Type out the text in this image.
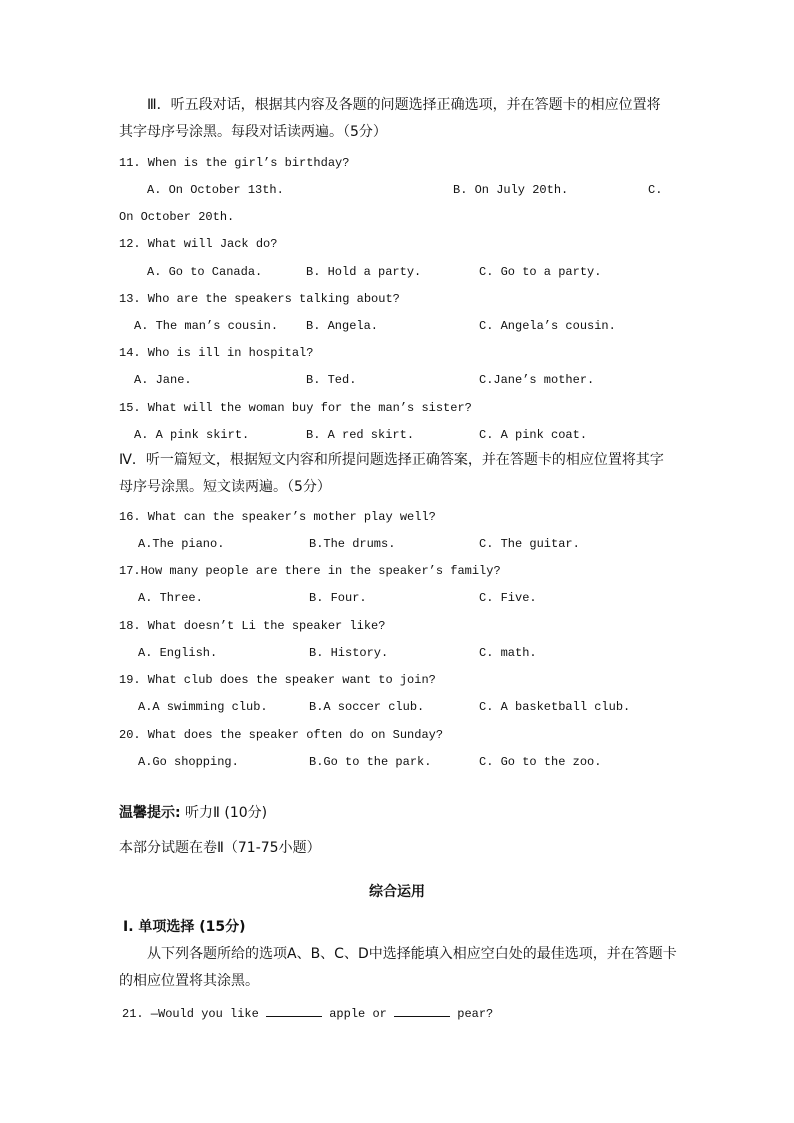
Ⅲ．听五段对话，根据其内容及各题的问题选择正确选项，并在答题卡的相应位置将
其字母序号涂黑。每段对话读两遍。（5分）
11. When is the girl’s birthday?
A. On October 13th.	B. On July 20th.	C.
On October 20th.
12. What will Jack do?
A. Go to Canada.	B. Hold a party.	C. Go to a party.
13. Who are the speakers talking about?
A. The man’s cousin. B. Angela.	C. Angela’s cousin.
14. Who is ill in hospital?
A. Jane.	B. Ted.	C.Jane’s mother.
15. What will the woman buy for the man’s sister?
A. A pink skirt.	B. A red skirt.	C. A pink coat.
Ⅳ．听一篇短文，根据短文内容和所提问题选择正确答案，并在答题卡的相应位置将其字
母序号涂黑。短文读两遍。（5分）
16. What can the speaker’s mother play well?
A.The piano.	B.The drums.	C. The guitar.
17.How many people are there in the speaker’s family?
A. Three.	B. Four.	C. Five.
18. What doesn’t Li the speaker like?
A. English.	B. History.	C. math.
19. What club does the speaker want to join?
A.A swimming club.	B.A soccer club.	C. A basketball club.
20. What does the speaker often do on Sunday?
A.Go shopping.	B.Go to the park.	C. Go to the zoo.
温馨提示: 听力Ⅱ (10分)
本部分试题在卷Ⅱ（71-75小题）
综合运用
Ⅰ. 单项选择 (15分)
从下列各题所给的选项A、B、C、D中选择能填入相应空白处的最佳选项，并在答题卡
的相应位置将其涂黑。
21. —Would you like	apple or	pear?
